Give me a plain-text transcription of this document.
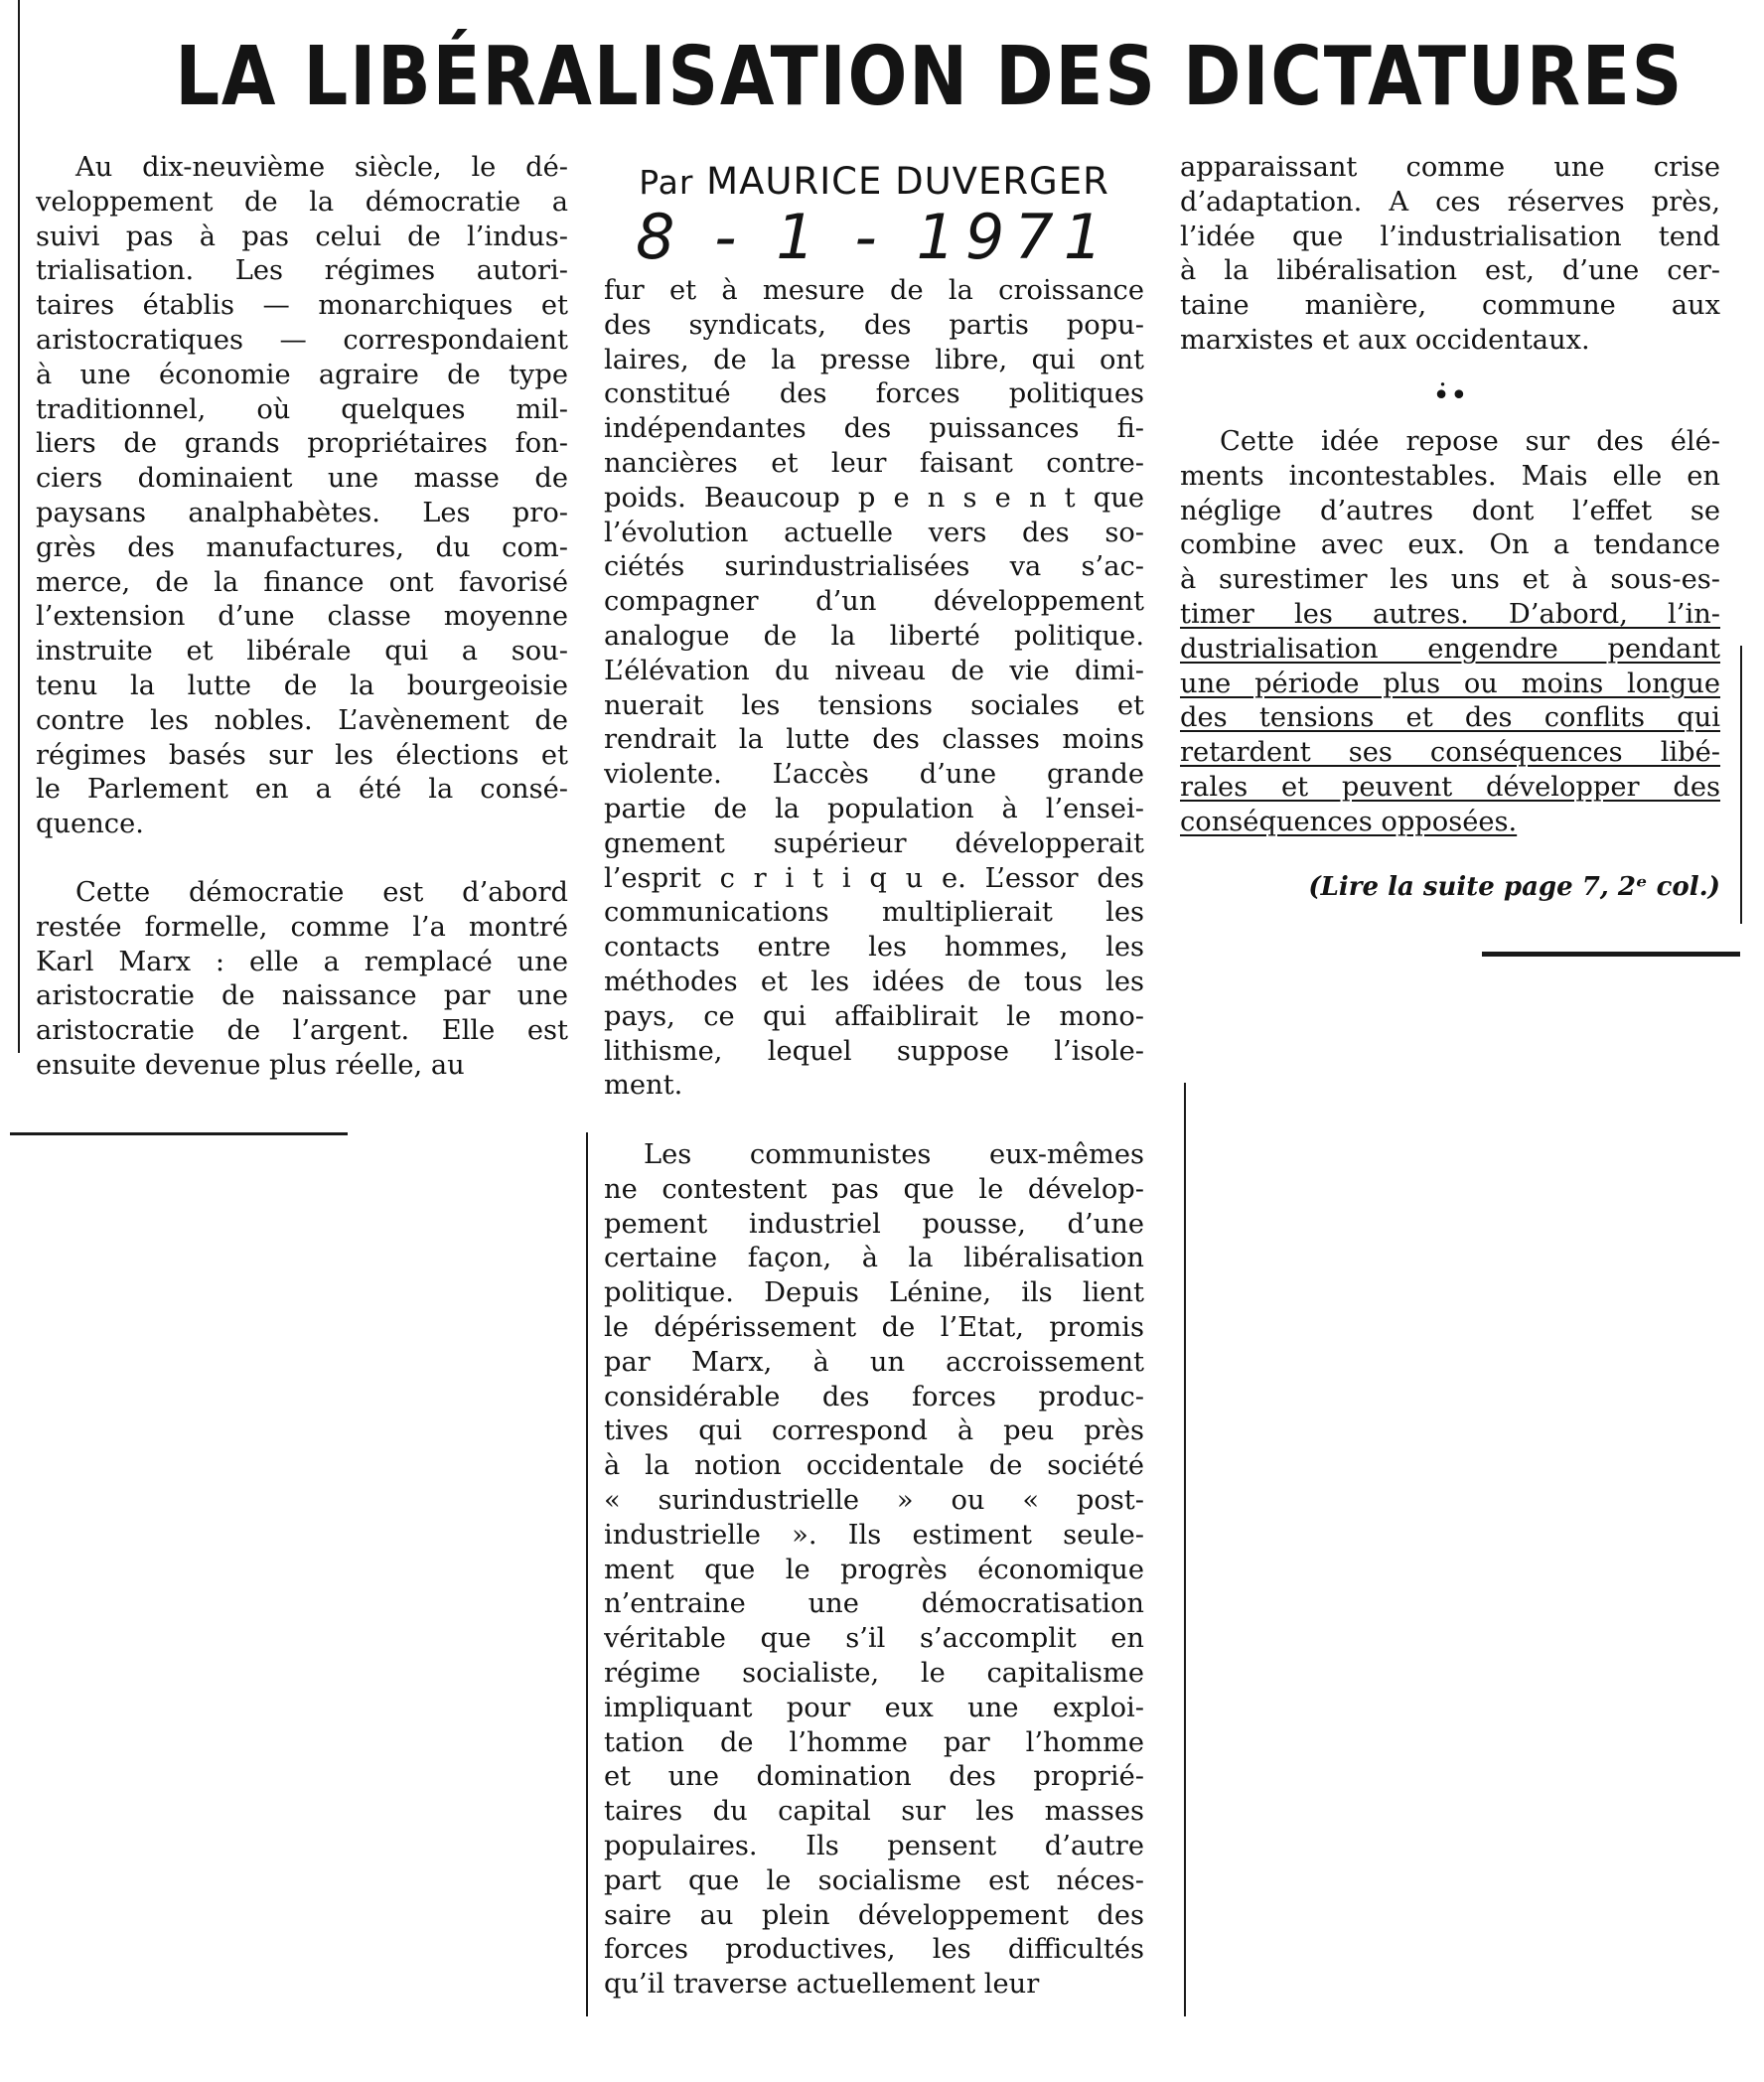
LA LIBÉRALISATION DES DICTATURES
Par MAURICE DUVERGER
8 - 1 - 1971
Au dix-neuvième siècle, le dé-
veloppement de la démocratie a
suivi pas à pas celui de l’indus-
trialisation. Les régimes autori-
taires établis — monarchiques et
aristocratiques — correspondaient
à une économie agraire de type
traditionnel, où quelques mil-
liers de grands propriétaires fon-
ciers dominaient une masse de
paysans analphabètes. Les pro-
grès des manufactures, du com-
merce, de la finance ont favorisé
l’extension d’une classe moyenne
instruite et libérale qui a sou-
tenu la lutte de la bourgeoisie
contre les nobles. L’avènement de
régimes basés sur les élections et
le Parlement en a été la consé-
quence.
Cette démocratie est d’abord
restée formelle, comme l’a montré
Karl Marx : elle a remplacé une
aristocratie de naissance par une
aristocratie de l’argent. Elle est
ensuite devenue plus réelle, au
fur et à mesure de la croissance
des syndicats, des partis popu-
laires, de la presse libre, qui ont
constitué des forces politiques
indépendantes des puissances fi-
nancières et leur faisant contre-
poids. Beaucoup p e n s e n t que
l’évolution actuelle vers des so-
ciétés surindustrialisées va s’ac-
compagner d’un développement
analogue de la liberté politique.
L’élévation du niveau de vie dimi-
nuerait les tensions sociales et
rendrait la lutte des classes moins
violente. L’accès d’une grande
partie de la population à l’ensei-
gnement supérieur développerait
l’esprit c r i t i q u e. L’essor des
communications multiplierait les
contacts entre les hommes, les
méthodes et les idées de tous les
pays, ce qui affaiblirait le mono-
lithisme, lequel suppose l’isole-
ment.
Les communistes eux-mêmes
ne contestent pas que le dévelop-
pement industriel pousse, d’une
certaine façon, à la libéralisation
politique. Depuis Lénine, ils lient
le dépérissement de l’Etat, promis
par Marx, à un accroissement
considérable des forces produc-
tives qui correspond à peu près
à la notion occidentale de société
« surindustrielle » ou « post-
industrielle ». Ils estiment seule-
ment que le progrès économique
n’entraine une démocratisation
véritable que s’il s’accomplit en
régime socialiste, le capitalisme
impliquant pour eux une exploi-
tation de l’homme par l’homme
et une domination des proprié-
taires du capital sur les masses
populaires. Ils pensent d’autre
part que le socialisme est néces-
saire au plein développement des
forces productives, les difficultés
qu’il traverse actuellement leur
apparaissant comme une crise
d’adaptation. A ces réserves près,
l’idée que l’industrialisation tend
à la libéralisation est, d’une cer-
taine manière, commune aux
marxistes et aux occidentaux.
•̇•
Cette idée repose sur des élé-
ments incontestables. Mais elle en
néglige d’autres dont l’effet se
combine avec eux. On a tendance
à surestimer les uns et à sous-es-
timer les autres. D’abord, l’in-
dustrialisation engendre pendant
une période plus ou moins longue
des tensions et des conflits qui
retardent ses conséquences libé-
rales et peuvent développer des
conséquences opposées.
(Lire la suite page 7, 2ᵉ col.)
